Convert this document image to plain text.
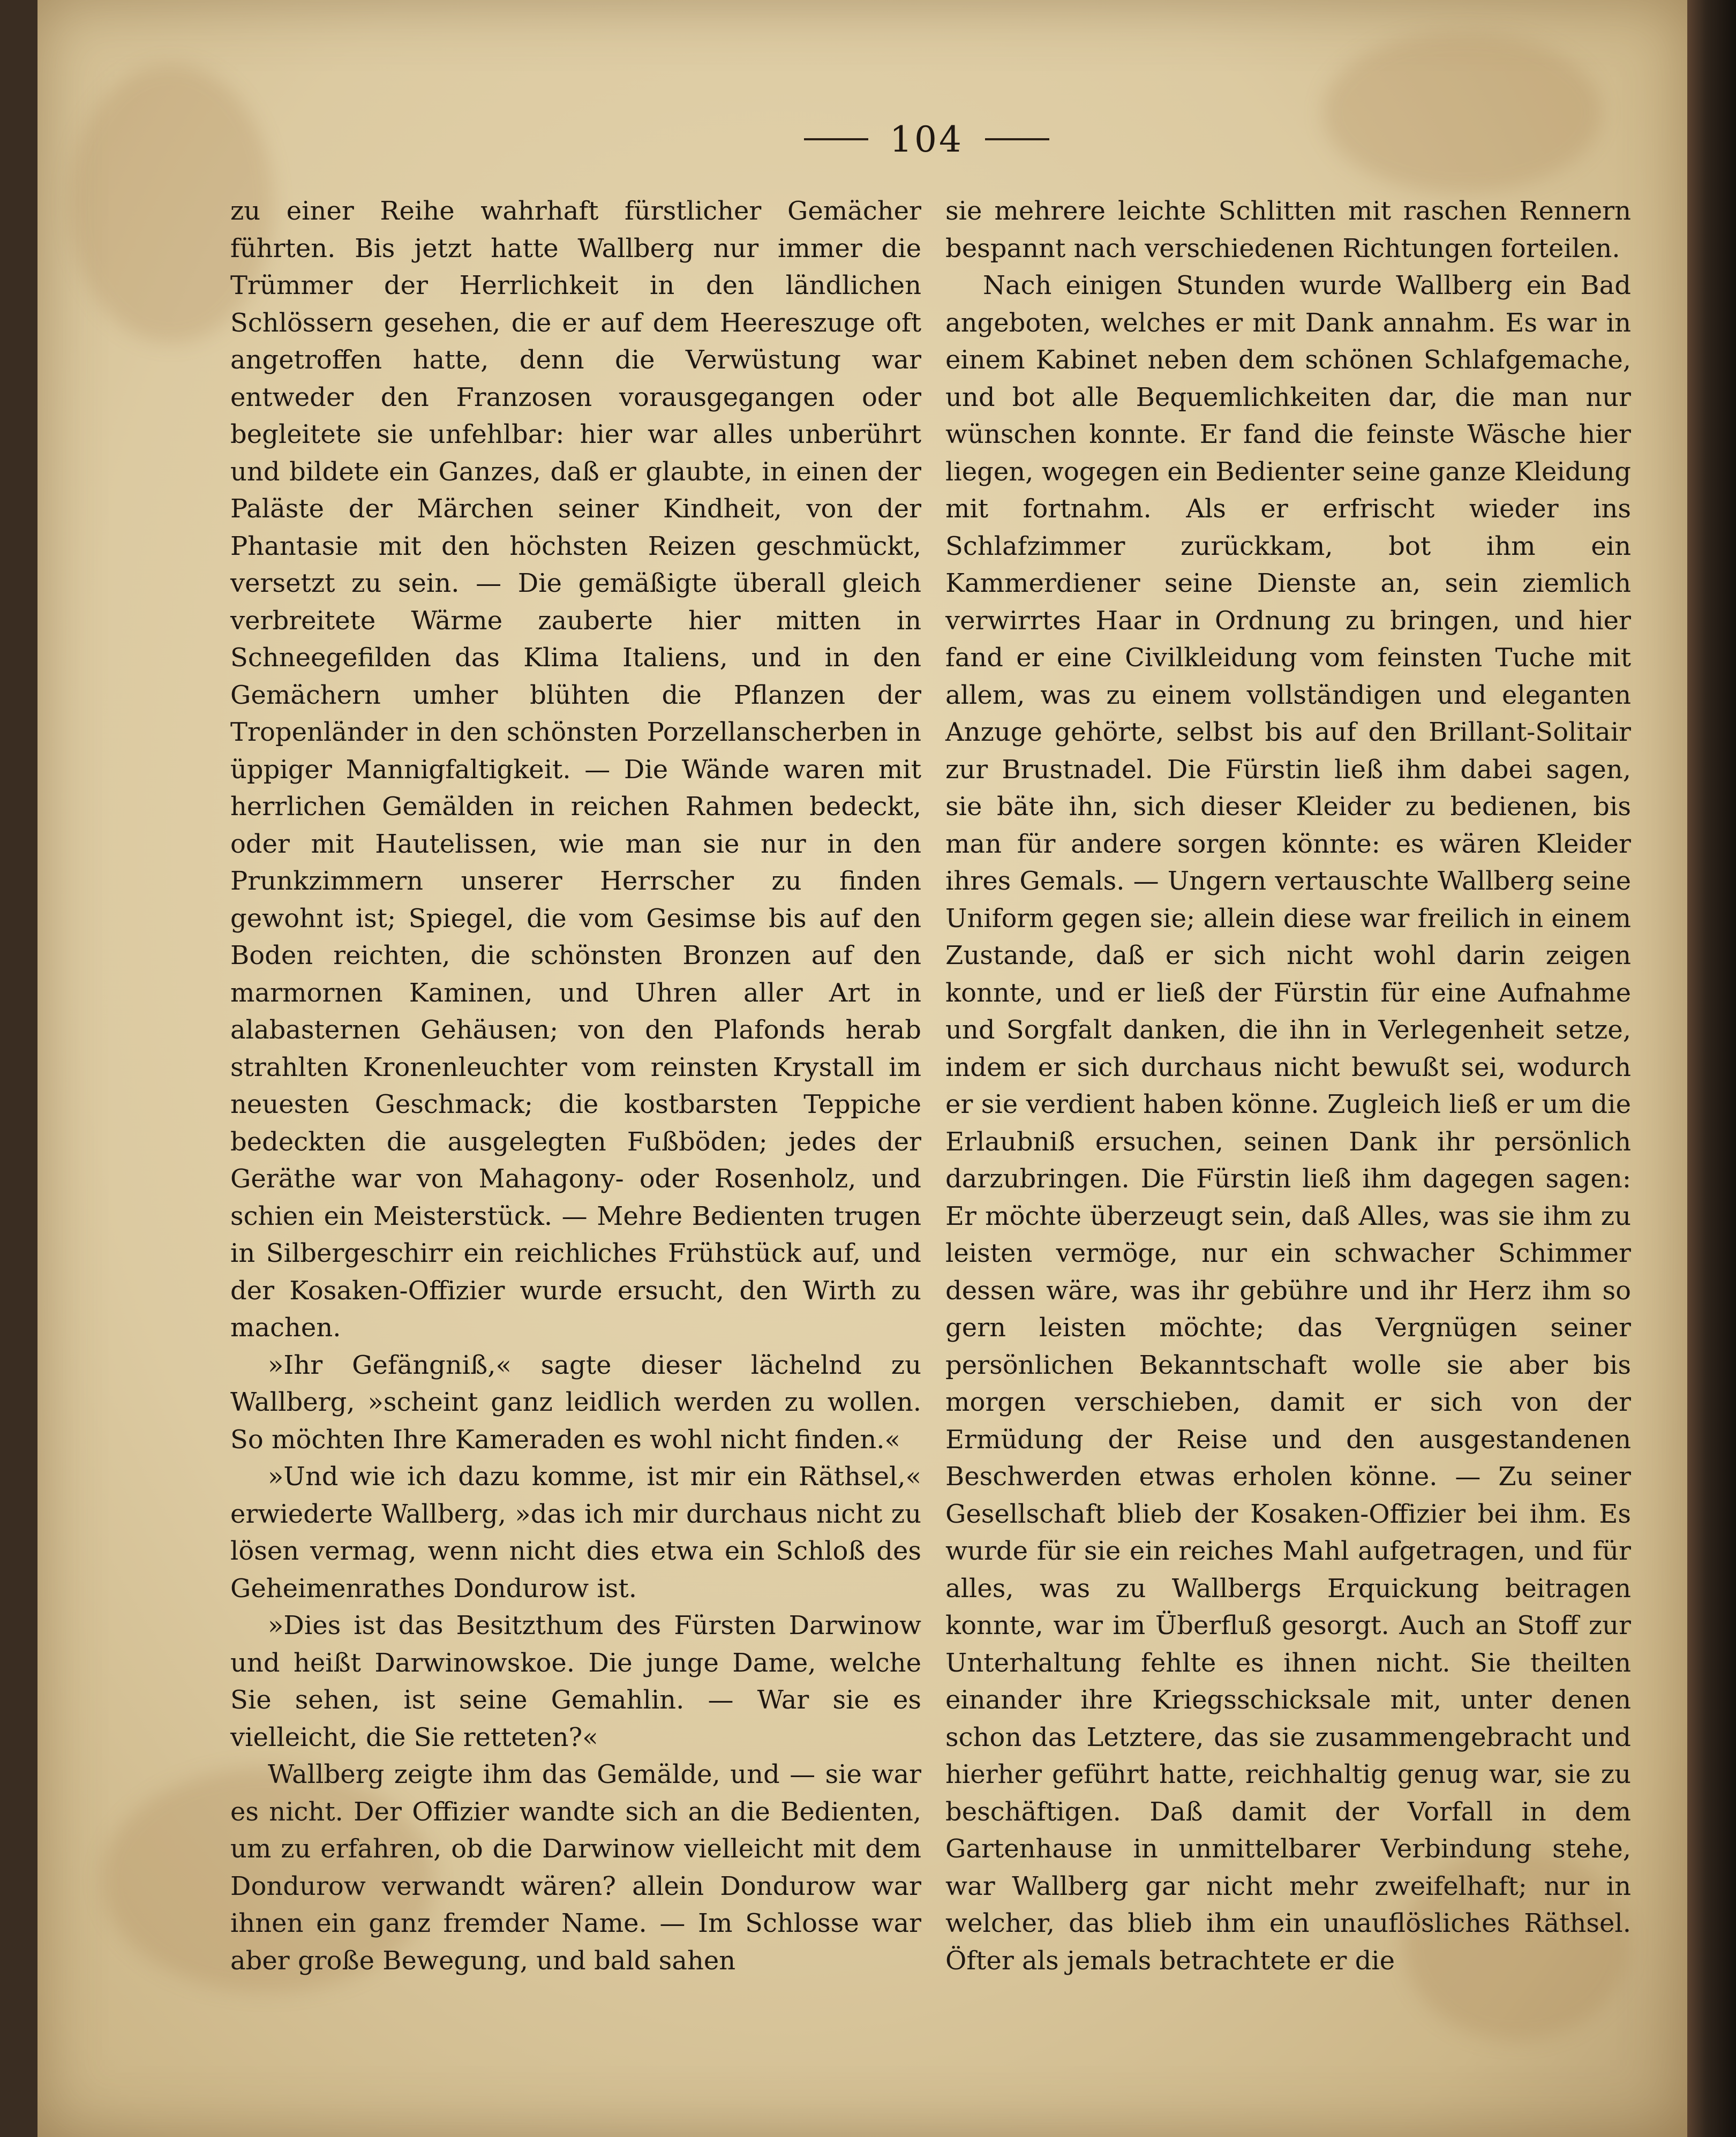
104

zu einer Reihe wahrhaft fürstlicher Gemächer führten. Bis jetzt hatte Wallberg nur immer die Trümmer der Herrlichkeit in den ländlichen Schlössern gesehen, die er auf dem Heereszuge oft angetroffen hatte, denn die Verwüstung war entweder den Franzosen vorausgegangen oder begleitete sie unfehlbar: hier war alles unberührt und bildete ein Ganzes, daß er glaubte, in einen der Paläste der Märchen seiner Kindheit, von der Phantasie mit den höchsten Reizen geschmückt, versetzt zu sein. — Die gemäßigte überall gleich verbreitete Wärme zauberte hier mitten in Schneegefilden das Klima Italiens, und in den Gemächern umher blühten die Pflanzen der Tropenländer in den schönsten Porzellanscherben in üppiger Mannigfaltigkeit. — Die Wände waren mit herrlichen Gemälden in reichen Rahmen bedeckt, oder mit Hautelissen, wie man sie nur in den Prunkzimmern unserer Herrscher zu finden gewohnt ist; Spiegel, die vom Gesimse bis auf den Boden reichten, die schönsten Bronzen auf den marmornen Kaminen, und Uhren aller Art in alabasternen Gehäusen; von den Plafonds herab strahlten Kronenleuchter vom reinsten Krystall im neuesten Geschmack; die kostbarsten Teppiche bedeckten die ausgelegten Fußböden; jedes der Geräthe war von Mahagony- oder Rosenholz, und schien ein Meisterstück. — Mehre Bedienten trugen in Silbergeschirr ein reichliches Frühstück auf, und der Kosaken-Offizier wurde ersucht, den Wirth zu machen.

»Ihr Gefängniß,« sagte dieser lächelnd zu Wallberg, »scheint ganz leidlich werden zu wollen. So möchten Ihre Kameraden es wohl nicht finden.«

»Und wie ich dazu komme, ist mir ein Räthsel,« erwiederte Wallberg, »das ich mir durchaus nicht zu lösen vermag, wenn nicht dies etwa ein Schloß des Geheimenrathes Dondurow ist.

»Dies ist das Besitzthum des Fürsten Darwinow und heißt Darwinowskoe. Die junge Dame, welche Sie sehen, ist seine Gemahlin. — War sie es vielleicht, die Sie retteten?«

Wallberg zeigte ihm das Gemälde, und — sie war es nicht. Der Offizier wandte sich an die Bedienten, um zu erfahren, ob die Darwinow vielleicht mit dem Dondurow verwandt wären? allein Dondurow war ihnen ein ganz fremder Name. — Im Schlosse war aber große Bewegung, und bald sahen

sie mehrere leichte Schlitten mit raschen Rennern bespannt nach verschiedenen Richtungen forteilen.

Nach einigen Stunden wurde Wallberg ein Bad angeboten, welches er mit Dank annahm. Es war in einem Kabinet neben dem schönen Schlafgemache, und bot alle Bequemlichkeiten dar, die man nur wünschen konnte. Er fand die feinste Wäsche hier liegen, wogegen ein Bedienter seine ganze Kleidung mit fortnahm. Als er erfrischt wieder ins Schlafzimmer zurückkam, bot ihm ein Kammerdiener seine Dienste an, sein ziemlich verwirrtes Haar in Ordnung zu bringen, und hier fand er eine Civilkleidung vom feinsten Tuche mit allem, was zu einem vollständigen und eleganten Anzuge gehörte, selbst bis auf den Brillant-Solitair zur Brustnadel. Die Fürstin ließ ihm dabei sagen, sie bäte ihn, sich dieser Kleider zu bedienen, bis man für andere sorgen könnte: es wären Kleider ihres Gemals. — Ungern vertauschte Wallberg seine Uniform gegen sie; allein diese war freilich in einem Zustande, daß er sich nicht wohl darin zeigen konnte, und er ließ der Fürstin für eine Aufnahme und Sorgfalt danken, die ihn in Verlegenheit setze, indem er sich durchaus nicht bewußt sei, wodurch er sie verdient haben könne. Zugleich ließ er um die Erlaubniß ersuchen, seinen Dank ihr persönlich darzubringen. Die Fürstin ließ ihm dagegen sagen: Er möchte überzeugt sein, daß Alles, was sie ihm zu leisten vermöge, nur ein schwacher Schimmer dessen wäre, was ihr gebühre und ihr Herz ihm so gern leisten möchte; das Vergnügen seiner persönlichen Bekanntschaft wolle sie aber bis morgen verschieben, damit er sich von der Ermüdung der Reise und den ausgestandenen Beschwerden etwas erholen könne. — Zu seiner Gesellschaft blieb der Kosaken-Offizier bei ihm. Es wurde für sie ein reiches Mahl aufgetragen, und für alles, was zu Wallbergs Erquickung beitragen konnte, war im Überfluß gesorgt. Auch an Stoff zur Unterhaltung fehlte es ihnen nicht. Sie theilten einander ihre Kriegsschicksale mit, unter denen schon das Letztere, das sie zusammengebracht und hierher geführt hatte, reichhaltig genug war, sie zu beschäftigen. Daß damit der Vorfall in dem Gartenhause in unmittelbarer Verbindung stehe, war Wallberg gar nicht mehr zweifelhaft; nur in welcher, das blieb ihm ein unauflösliches Räthsel. Öfter als jemals betrachtete er die
